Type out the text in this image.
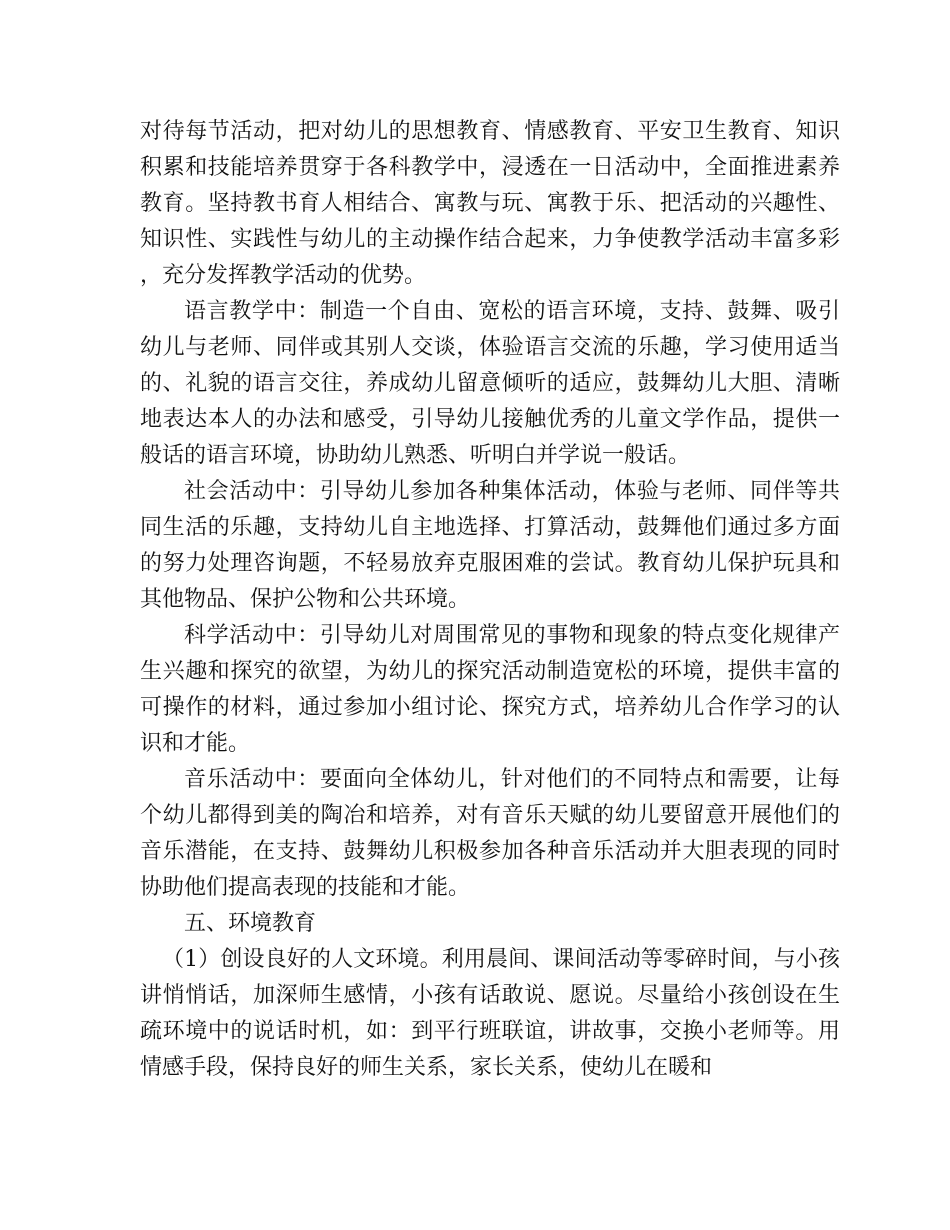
对待每节活动，把对幼儿的思想教育、情感教育、平安卫生教育、知识积累和技能培养贯穿于各科教学中，浸透在一日活动中，全面推进素养教育。坚持教书育人相结合、寓教与玩、寓教于乐、把活动的兴趣性、知识性、实践性与幼儿的主动操作结合起来，力争使教学活动丰富多彩，充分发挥教学活动的优势。

语言教学中：制造一个自由、宽松的语言环境，支持、鼓舞、吸引幼儿与老师、同伴或其别人交谈，体验语言交流的乐趣，学习使用适当的、礼貌的语言交往，养成幼儿留意倾听的适应，鼓舞幼儿大胆、清晰地表达本人的办法和感受，引导幼儿接触优秀的儿童文学作品，提供一般话的语言环境，协助幼儿熟悉、听明白并学说一般话。

社会活动中：引导幼儿参加各种集体活动，体验与老师、同伴等共同生活的乐趣，支持幼儿自主地选择、打算活动，鼓舞他们通过多方面的努力处理咨询题，不轻易放弃克服困难的尝试。教育幼儿保护玩具和其他物品、保护公物和公共环境。

科学活动中：引导幼儿对周围常见的事物和现象的特点变化规律产生兴趣和探究的欲望，为幼儿的探究活动制造宽松的环境，提供丰富的可操作的材料，通过参加小组讨论、探究方式，培养幼儿合作学习的认识和才能。

音乐活动中：要面向全体幼儿，针对他们的不同特点和需要，让每个幼儿都得到美的陶冶和培养，对有音乐天赋的幼儿要留意开展他们的音乐潜能，在支持、鼓舞幼儿积极参加各种音乐活动并大胆表现的同时协助他们提高表现的技能和才能。

五、环境教育

（1）创设良好的人文环境。利用晨间、课间活动等零碎时间，与小孩讲悄悄话，加深师生感情，小孩有话敢说、愿说。尽量给小孩创设在生疏环境中的说话时机，如：到平行班联谊，讲故事，交换小老师等。用情感手段，保持良好的师生关系，家长关系，使幼儿在暖和
